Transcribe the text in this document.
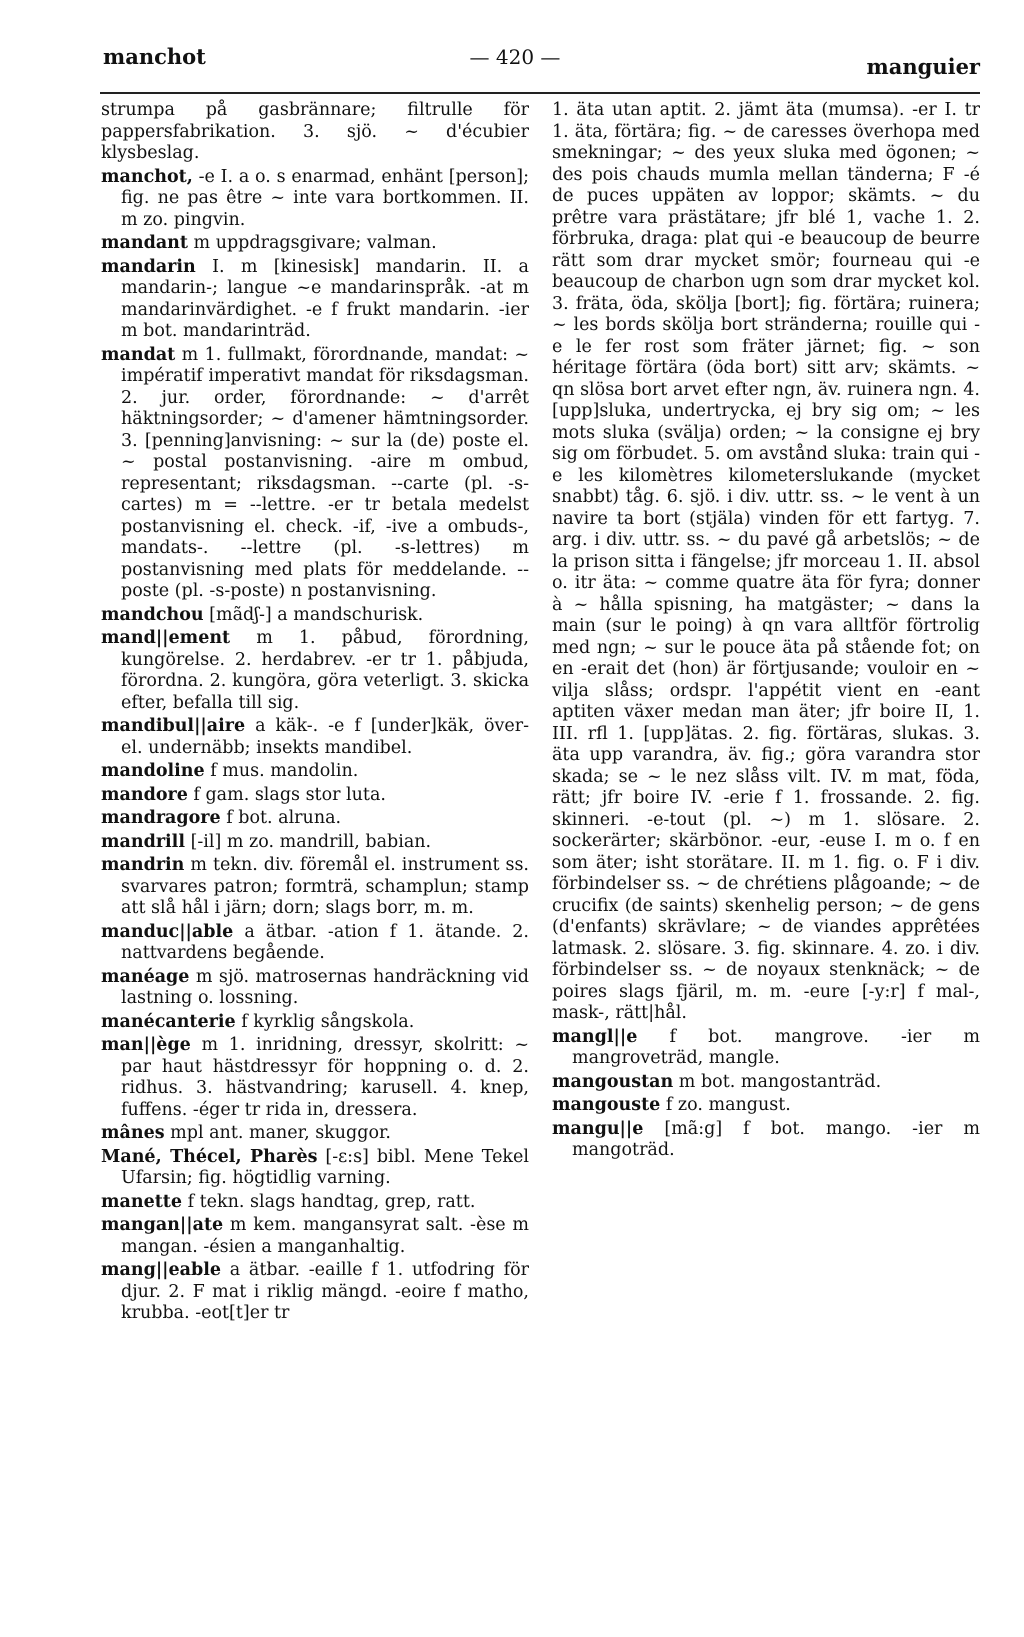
manchot	— 420 —	manguier
strumpa på gasbrännare; filtrulle för pappersfabrikation. 3. sjö. ~ d'écubier klysbeslag.
manchot, -e I. a o. s enarmad, enhänt [person]; fig. ne pas être ~ inte vara bortkommen. II. m zo. pingvin.
mandant m uppdragsgivare; valman.
mandarin I. m [kinesisk] mandarin. II. a mandarin-; langue ~e mandarinspråk. -at m mandarinvärdighet. -e f frukt mandarin. -ier m bot. mandarinträd.
mandat m 1. fullmakt, förordnande, mandat: ~ impératif imperativt mandat för riksdagsman. 2. jur. order, förordnande: ~ d'arrêt häktningsorder; ~ d'amener hämtningsorder. 3. [penning]anvisning: ~ sur la (de) poste el. ~ postal postanvisning. -aire m ombud, representant; riksdagsman. --carte (pl. -s-cartes) m = --lettre. -er tr betala medelst postanvisning el. check. -if, -ive a ombuds-, mandats-. --lettre (pl. -s-lettres) m postanvisning med plats för meddelande. --poste (pl. -s-poste) n postanvisning.
mandchou [mãdʃ-] a mandschurisk.
mand||ement m 1. påbud, förordning, kungörelse. 2. herdabrev. -er tr 1. påbjuda, förordna. 2. kungöra, göra veterligt. 3. skicka efter, befalla till sig.
mandibul||aire a käk-. -e f [under]käk, över- el. undernäbb; insekts mandibel.
mandoline f mus. mandolin.
mandore f gam. slags stor luta.
mandragore f bot. alruna.
mandrill [-il] m zo. mandrill, babian.
mandrin m tekn. div. föremål el. instrument ss. svarvares patron; formträ, schamplun; stamp att slå hål i järn; dorn; slags borr, m. m.
manduc||able a ätbar. -ation f 1. ätande. 2. nattvardens begående.
manéage m sjö. matrosernas handräckning vid lastning o. lossning.
manécanterie f kyrklig sångskola.
man||ège m 1. inridning, dressyr, skolritt: ~ par haut hästdressyr för hoppning o. d. 2. ridhus. 3. hästvandring; karusell. 4. knep, fuffens. -éger tr rida in, dressera.
mânes mpl ant. maner, skuggor.
Mané, Thécel, Pharès [-ɛ:s] bibl. Mene Tekel Ufarsin; fig. högtidlig varning.
manette f tekn. slags handtag, grep, ratt.
mangan||ate m kem. mangansyrat salt. -èse m mangan. -ésien a manganhaltig.
mang||eable a ätbar. -eaille f 1. utfodring för djur. 2. F mat i riklig mängd. -eoire f matho, krubba. -eot[t]er tr
1. äta utan aptit. 2. jämt äta (mumsa). -er I. tr 1. äta, förtära; fig. ~ de caresses överhopa med smekningar; ~ des yeux sluka med ögonen; ~ des pois chauds mumla mellan tänderna; F -é de puces uppäten av loppor; skämts. ~ du prêtre vara prästätare; jfr blé 1, vache 1. 2. förbruka, draga: plat qui -e beaucoup de beurre rätt som drar mycket smör; fourneau qui -e beaucoup de charbon ugn som drar mycket kol. 3. fräta, öda, skölja [bort]; fig. förtära; ruinera; ~ les bords skölja bort stränderna; rouille qui -e le fer rost som fräter järnet; fig. ~ son héritage förtära (öda bort) sitt arv; skämts. ~ qn slösa bort arvet efter ngn, äv. ruinera ngn. 4. [upp]sluka, undertrycka, ej bry sig om; ~ les mots sluka (svälja) orden; ~ la consigne ej bry sig om förbudet. 5. om avstånd sluka: train qui -e les kilomètres kilometerslukande (mycket snabbt) tåg. 6. sjö. i div. uttr. ss. ~ le vent à un navire ta bort (stjäla) vinden för ett fartyg. 7. arg. i div. uttr. ss. ~ du pavé gå arbetslös; ~ de la prison sitta i fängelse; jfr morceau 1. II. absol o. itr äta: ~ comme quatre äta för fyra; donner à ~ hålla spisning, ha matgäster; ~ dans la main (sur le poing) à qn vara alltför förtrolig med ngn; ~ sur le pouce äta på stående fot; on en -erait det (hon) är förtjusande; vouloir en ~ vilja slåss; ordspr. l'appétit vient en -eant aptiten växer medan man äter; jfr boire II, 1. III. rfl 1. [upp]ätas. 2. fig. förtäras, slukas. 3. äta upp varandra, äv. fig.; göra varandra stor skada; se ~ le nez slåss vilt. IV. m mat, föda, rätt; jfr boire IV. -erie f 1. frossande. 2. fig. skinneri. -e-tout (pl. ~) m 1. slösare. 2. sockerärter; skärbönor. -eur, -euse I. m o. f en som äter; isht storätare. II. m 1. fig. o. F i div. förbindelser ss. ~ de chrétiens plågoande; ~ de crucifix (de saints) skenhelig person; ~ de gens (d'enfants) skrävlare; ~ de viandes apprêtées latmask. 2. slösare. 3. fig. skinnare. 4. zo. i div. förbindelser ss. ~ de noyaux stenknäck; ~ de poires slags fjäril, m. m. -eure [-y:r] f mal-, mask-, rätt|hål.
mangl||e f bot. mangrove. -ier m mangroveträd, mangle.
mangoustan m bot. mangostanträd.
mangouste f zo. mangust.
mangu||e [mã:g] f bot. mango. -ier m mangoträd.
